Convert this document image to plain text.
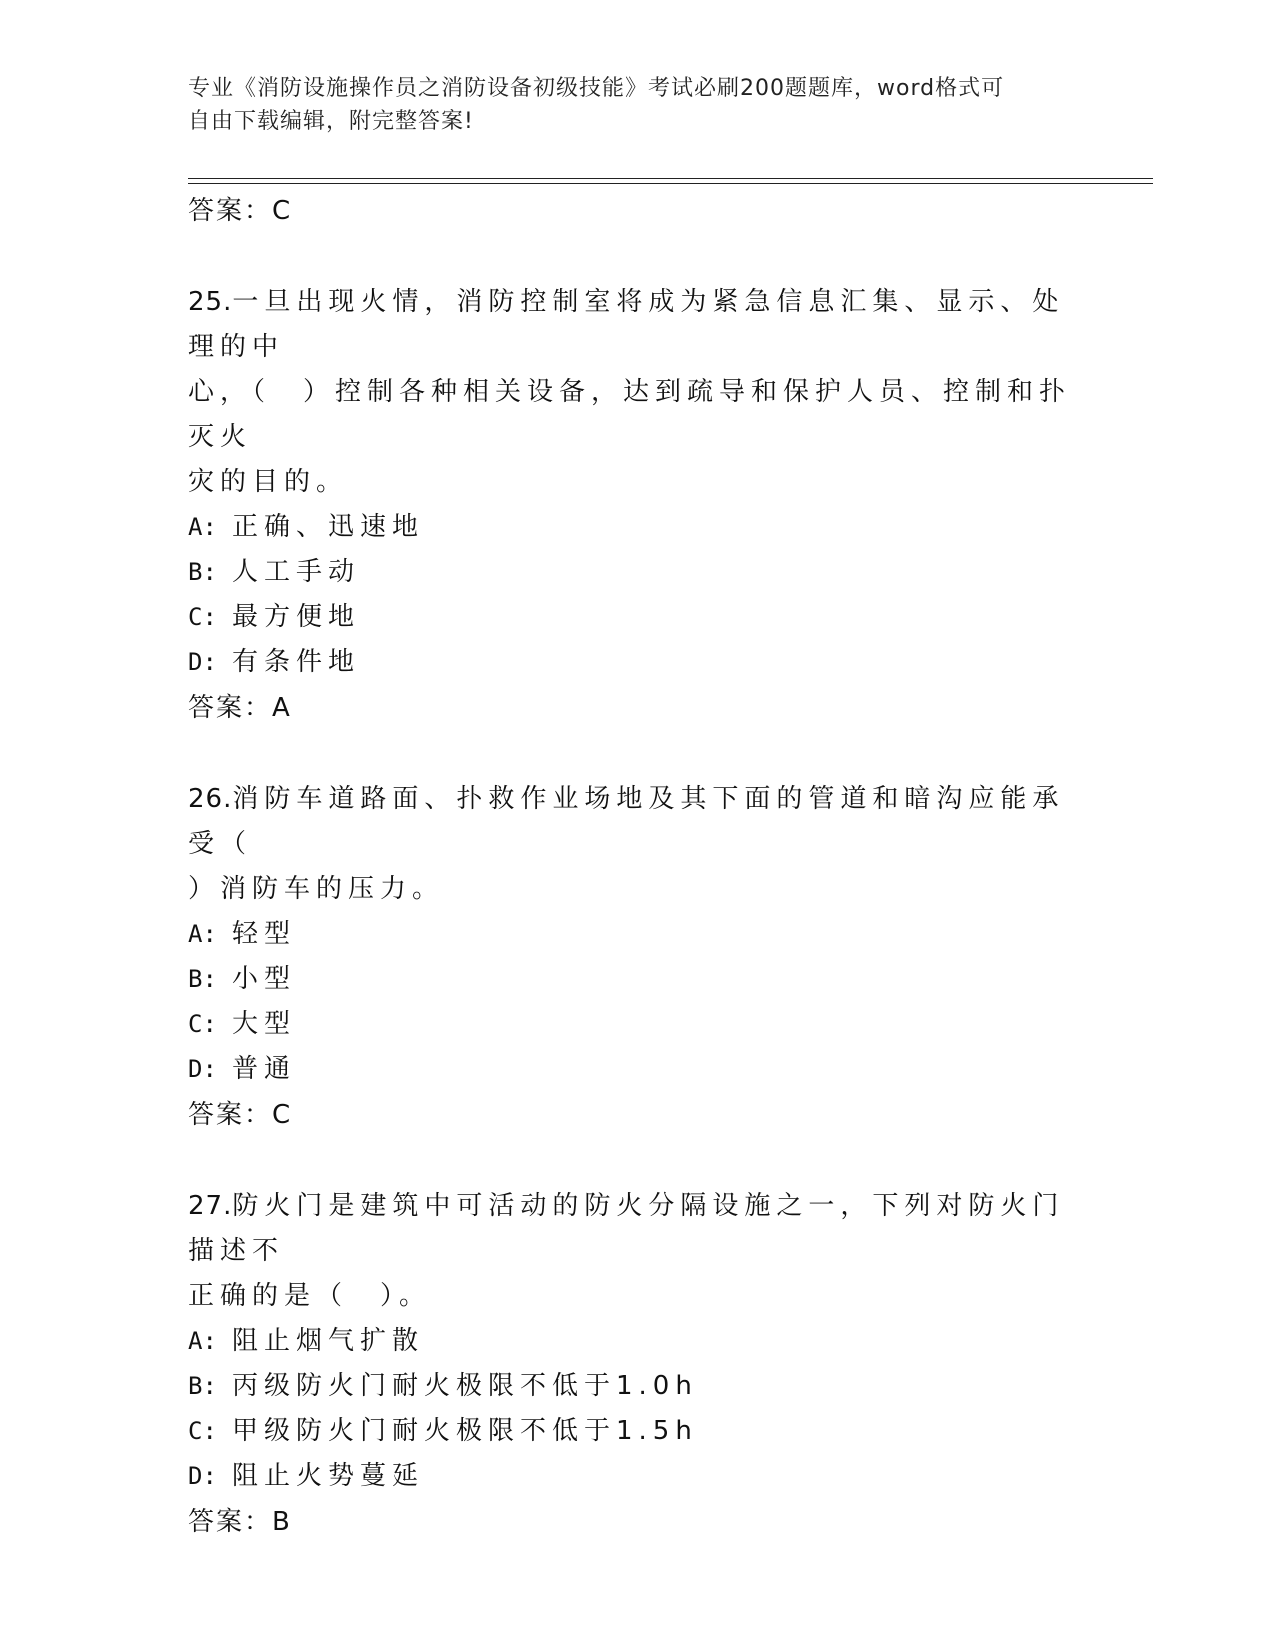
专业《消防设施操作员之消防设备初级技能》考试必刷200题题库，word格式可
自由下载编辑，附完整答案!
答案：C
25.一旦出现火情，消防控制室将成为紧急信息汇集、显示、处理的中
心，（　）控制各种相关设备，达到疏导和保护人员、控制和扑灭火
灾的目的。
A: 正确、迅速地
B: 人工手动
C: 最方便地
D: 有条件地
答案：A
26.消防车道路面、扑救作业场地及其下面的管道和暗沟应能承受（
）消防车的压力。
A: 轻型
B: 小型
C: 大型
D: 普通
答案：C
27.防火门是建筑中可活动的防火分隔设施之一，下列对防火门描述不
正确的是（　）。
A: 阻止烟气扩散
B: 丙级防火门耐火极限不低于1.0h
C: 甲级防火门耐火极限不低于1.5h
D: 阻止火势蔓延
答案：B
